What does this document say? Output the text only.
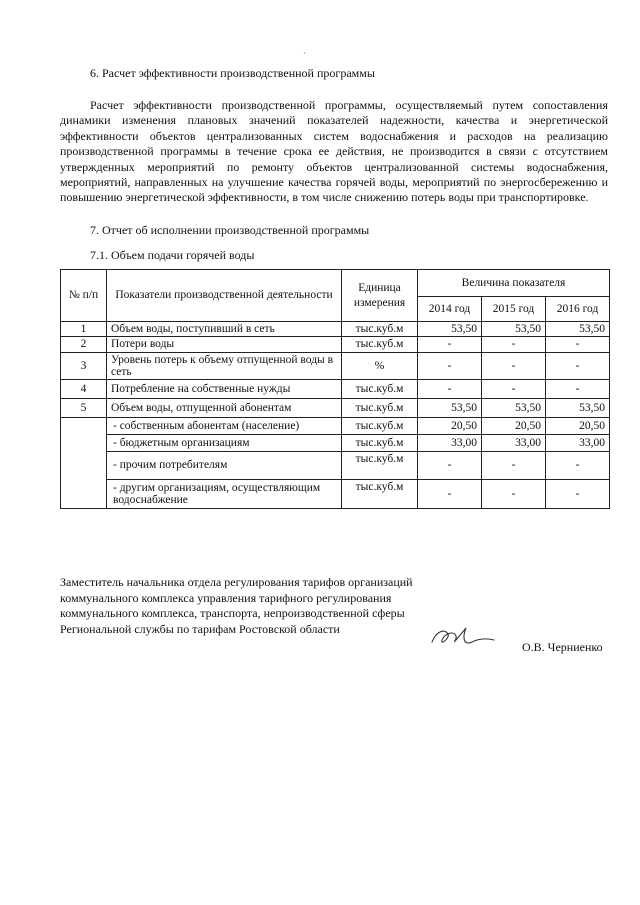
·
6. Расчет эффективности производственной программы
Расчет эффективности производственной программы, осуществляемый путем сопоставления динамики изменения плановых значений показателей надежности, качества и энергетической эффективности объектов централизованных систем водоснабжения и расходов на реализацию производственной программы в течение срока ее действия, не производится в связи с отсутствием утвержденных мероприятий по ремонту объектов централизованной системы водоснабжения, мероприятий, направленных на улучшение качества горячей воды, мероприятий по энергосбережению и повышению энергетической эффективности, в том числе снижению потерь воды при транспортировке.
7. Отчет об исполнении производственной программы
7.1. Объем подачи горячей воды
№ п/п	Показатели производственной деятельности	Единица измерения	Величина показателя		
			2014 год	2015 год	2016 год
1	Объем воды, поступивший в сеть	тыс.куб.м	53,50	53,50	53,50
2	Потери воды	тыс.куб.м	-	-	-
3	Уровень потерь к объему отпущенной воды в сеть	%	-	-	-
4	Потребление на собственные нужды	тыс.куб.м	-	-	-
5	Объем воды, отпущенной абонентам	тыс.куб.м	53,50	53,50	53,50
	- собственным абонентам (население)	тыс.куб.м	20,50	20,50	20,50
	- бюджетным организациям	тыс.куб.м	33,00	33,00	33,00
	- прочим потребителям	тыс.куб.м	-	-	-
	- другим организациям, осуществляющим водоснабжение	тыс.куб.м	-	-	-
Заместитель начальника отдела регулирования тарифов организаций коммунального комплекса управления тарифного регулирования коммунального комплекса, транспорта, непроизводственной сферы Региональной службы по тарифам Ростовской области
О.В. Черниенко
